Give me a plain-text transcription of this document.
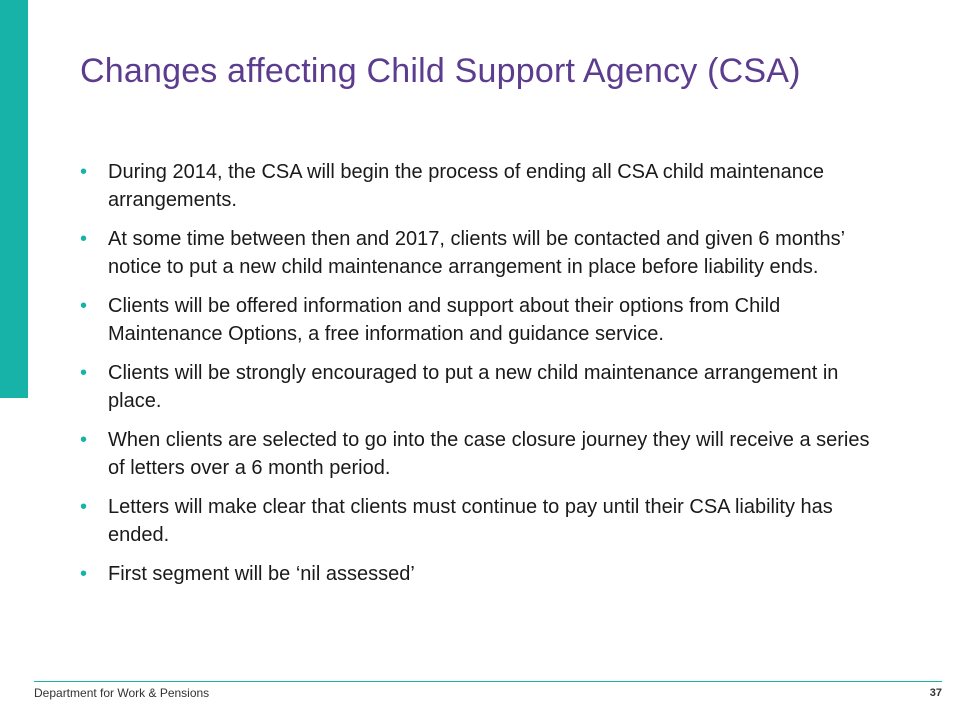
Changes affecting Child Support Agency (CSA)
• During 2014, the CSA will begin the process of ending all CSA child maintenance arrangements.
• At some time between then and 2017, clients will be contacted and given 6 months’ notice to put a new child maintenance arrangement in place before liability ends.
• Clients will be offered information and support about their options from Child Maintenance Options, a free information and guidance service.
• Clients will be strongly encouraged to put a new child maintenance arrangement in place.
• When clients are selected to go into the case closure journey they will receive a series of letters over a 6 month period.
• Letters will make clear that clients must continue to pay until their CSA liability has ended.
• First segment will be ‘nil assessed’
Department for Work & Pensions	37
